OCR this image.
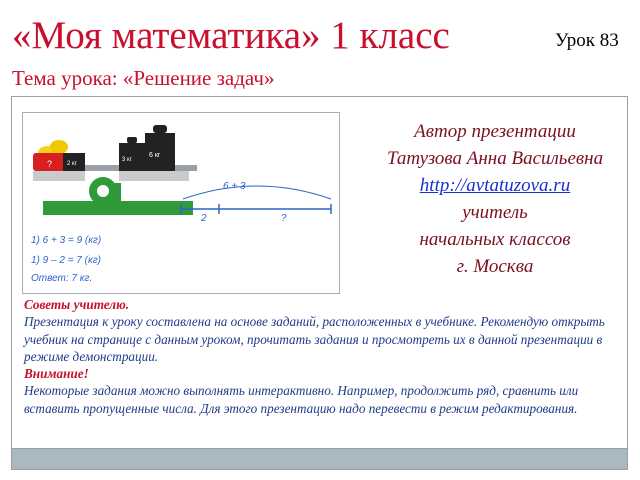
«Моя математика» 1 класс	Урок 83
Тема урока: «Решение задач»
? 2 кг
3 кг
6 кг
6 + 3
2	?
1) 6 + 3 = 9 (кг)
1) 9 – 2 = 7 (кг)
Ответ: 7 кг.
Автор презентации
Татузова Анна Васильевна
http://avtatuzova.ru
учитель
начальных классов
г. Москва
Советы учителю.
Презентация к уроку составлена на основе заданий, расположенных в учебнике. Рекомендую открыть учебник на странице с данным уроком, прочитать задания и просмотреть их в данной презентации в режиме демонстрации.
Внимание!
Некоторые задания можно выполнять интерактивно. Например, продолжить ряд, сравнить или вставить пропущенные числа. Для этого презентацию надо перевести в режим редактирования.
